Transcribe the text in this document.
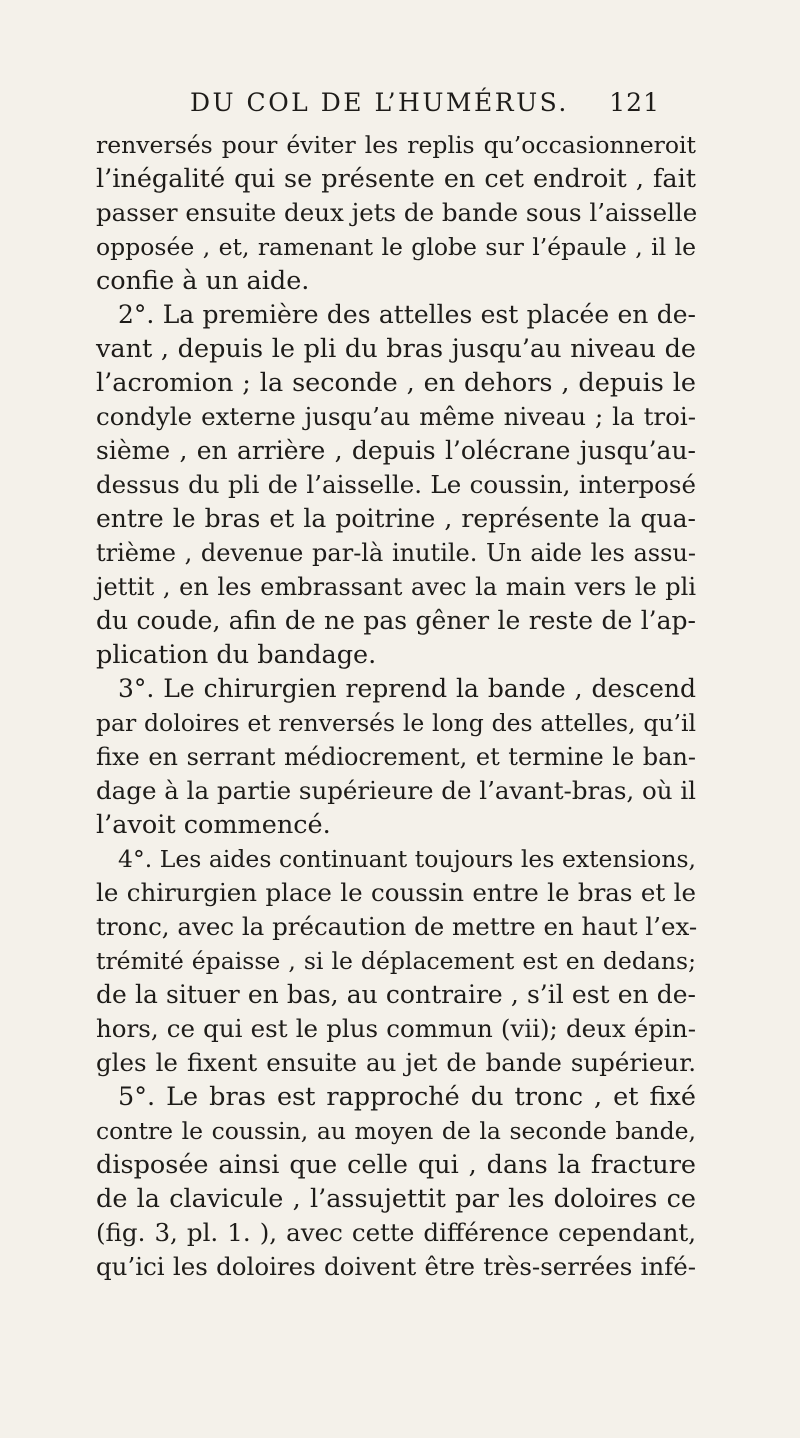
DU COL DE L’HUMÉRUS. 121
renversés pour éviter les replis qu’occasionneroit
l’inégalité qui se présente en cet endroit , fait
passer ensuite deux jets de bande sous l’aisselle
opposée , et, ramenant le globe sur l’épaule , il le
confie à un aide.
2°. La première des attelles est placée en de-
vant , depuis le pli du bras jusqu’au niveau de
l’acromion ; la seconde , en dehors , depuis le
condyle externe jusqu’au même niveau ; la troi-
sième , en arrière , depuis l’olécrane jusqu’au-
dessus du pli de l’aisselle. Le coussin, interposé
entre le bras et la poitrine , représente la qua-
trième , devenue par-là inutile. Un aide les assu-
jettit , en les embrassant avec la main vers le pli
du coude, afin de ne pas gêner le reste de l’ap-
plication du bandage.
3°. Le chirurgien reprend la bande , descend
par doloires et renversés le long des attelles, qu’il
fixe en serrant médiocrement, et termine le ban-
dage à la partie supérieure de l’avant-bras, où il
l’avoit commencé.
4°. Les aides continuant toujours les extensions,
le chirurgien place le coussin entre le bras et le
tronc, avec la précaution de mettre en haut l’ex-
trémité épaisse , si le déplacement est en dedans;
de la situer en bas, au contraire , s’il est en de-
hors, ce qui est le plus commun (vii); deux épin-
gles le fixent ensuite au jet de bande supérieur.
5°. Le bras est rapproché du tronc , et fixé
contre le coussin, au moyen de la seconde bande,
disposée ainsi que celle qui , dans la fracture
de la clavicule , l’assujettit par les doloires ce
(fig. 3, pl. 1. ), avec cette différence cependant,
qu’ici les doloires doivent être très-serrées infé-
